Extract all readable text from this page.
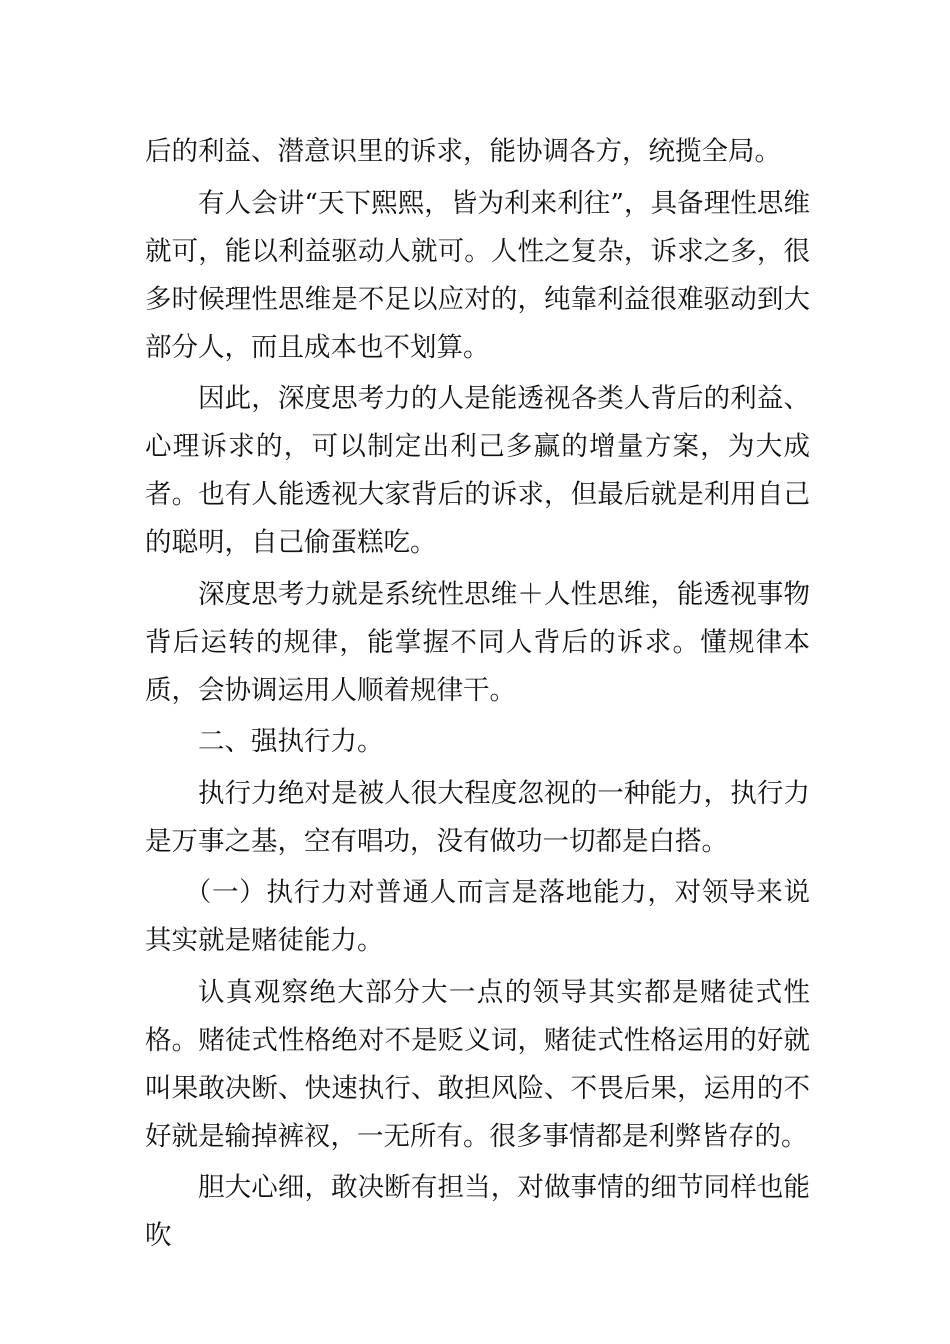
后的利益、潜意识里的诉求，能协调各方，统揽全局。

有人会讲“天下熙熙，皆为利来利往”，具备理性思维就可，能以利益驱动人就可。人性之复杂，诉求之多，很多时候理性思维是不足以应对的，纯靠利益很难驱动到大部分人，而且成本也不划算。

因此，深度思考力的人是能透视各类人背后的利益、心理诉求的，可以制定出利己多赢的增量方案，为大成者。也有人能透视大家背后的诉求，但最后就是利用自己的聪明，自己偷蛋糕吃。

深度思考力就是系统性思维＋人性思维，能透视事物背后运转的规律，能掌握不同人背后的诉求。懂规律本质，会协调运用人顺着规律干。

二、强执行力。

执行力绝对是被人很大程度忽视的一种能力，执行力是万事之基，空有唱功，没有做功一切都是白搭。

（一）执行力对普通人而言是落地能力，对领导来说其实就是赌徒能力。

认真观察绝大部分大一点的领导其实都是赌徒式性格。赌徒式性格绝对不是贬义词，赌徒式性格运用的好就叫果敢决断、快速执行、敢担风险、不畏后果，运用的不好就是输掉裤衩，一无所有。很多事情都是利弊皆存的。

胆大心细，敢决断有担当，对做事情的细节同样也能吹
